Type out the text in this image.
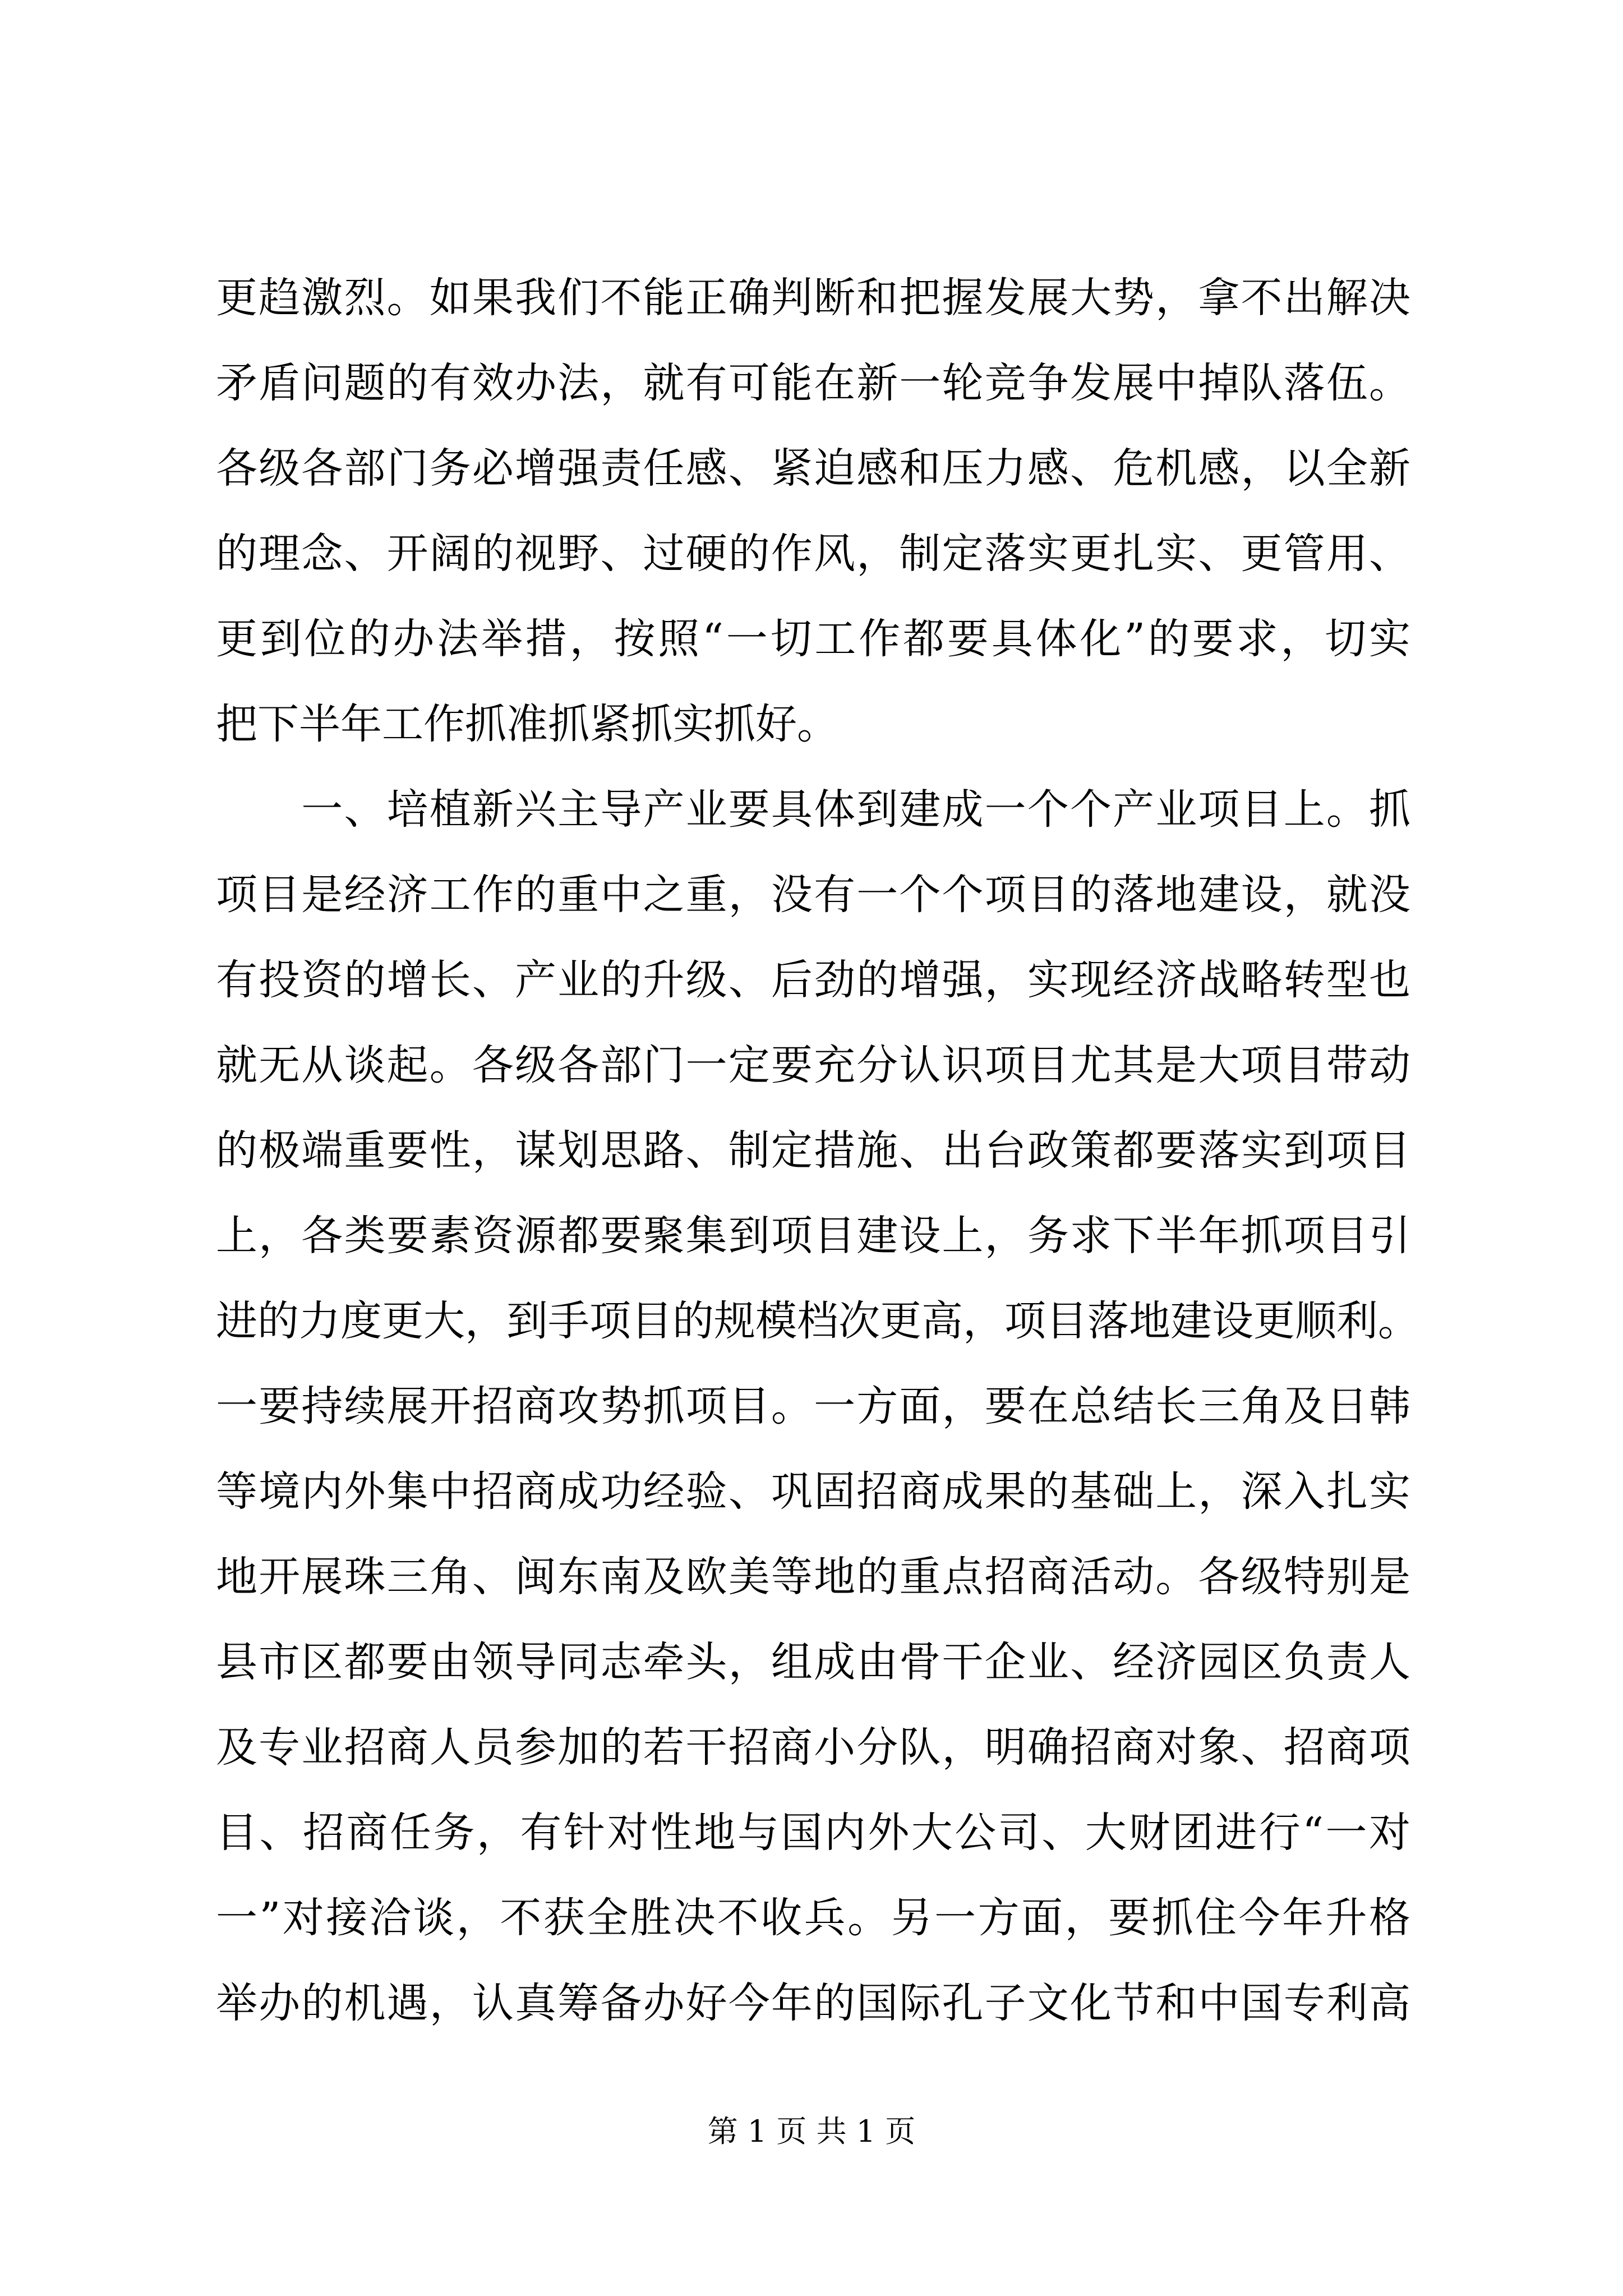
更趋激烈。如果我们不能正确判断和把握发展大势，拿不出解决
矛盾问题的有效办法，就有可能在新一轮竞争发展中掉队落伍。
各级各部门务必增强责任感、紧迫感和压力感、危机感，以全新
的理念、开阔的视野、过硬的作风，制定落实更扎实、更管用、
更到位的办法举措，按照“一切工作都要具体化”的要求，切实
把下半年工作抓准抓紧抓实抓好。
　　一、培植新兴主导产业要具体到建成一个个产业项目上。抓
项目是经济工作的重中之重，没有一个个项目的落地建设，就没
有投资的增长、产业的升级、后劲的增强，实现经济战略转型也
就无从谈起。各级各部门一定要充分认识项目尤其是大项目带动
的极端重要性，谋划思路、制定措施、出台政策都要落实到项目
上，各类要素资源都要聚集到项目建设上，务求下半年抓项目引
进的力度更大，到手项目的规模档次更高，项目落地建设更顺利。
一要持续展开招商攻势抓项目。一方面，要在总结长三角及日韩
等境内外集中招商成功经验、巩固招商成果的基础上，深入扎实
地开展珠三角、闽东南及欧美等地的重点招商活动。各级特别是
县市区都要由领导同志牵头，组成由骨干企业、经济园区负责人
及专业招商人员参加的若干招商小分队，明确招商对象、招商项
目、招商任务，有针对性地与国内外大公司、大财团进行“一对
一”对接洽谈，不获全胜决不收兵。另一方面，要抓住今年升格
举办的机遇，认真筹备办好今年的国际孔子文化节和中国专利高
第 1 页 共 1 页
